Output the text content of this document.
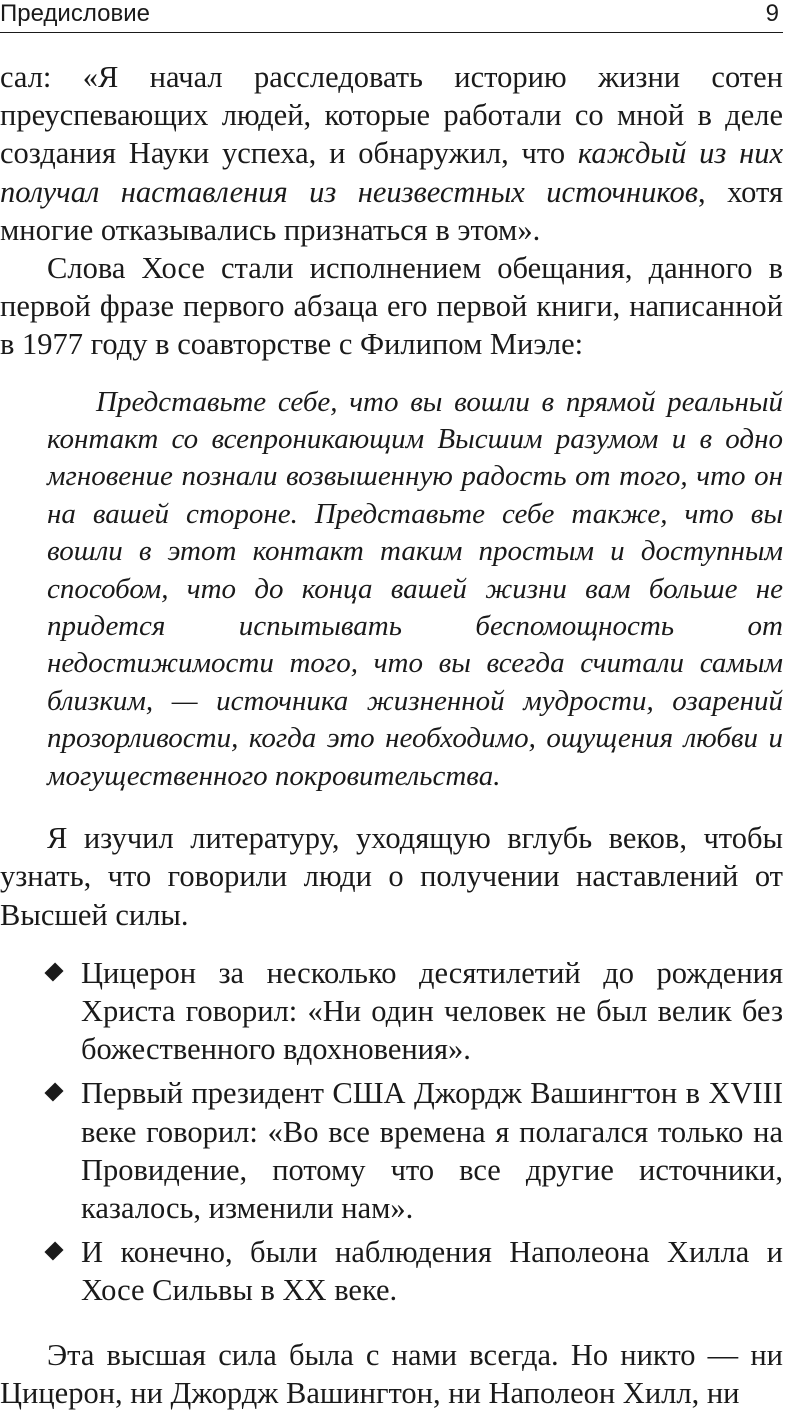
Предисловие	9

сал: «Я начал расследовать историю жизни сотен преуспевающих людей, которые работали со мной в деле создания Науки успеха, и обнаружил, что каждый из них получал наставления из неизвестных источников, хотя многие отказывались признаться в этом».

Слова Хосе стали исполнением обещания, данного в первой фразе первого абзаца его первой книги, написанной в 1977 году в соавторстве с Филипом Миэле:

Представьте себе, что вы вошли в прямой реальный контакт со всепроникающим Высшим разумом и в одно мгновение познали возвышенную радость от того, что он на вашей стороне. Представьте себе также, что вы вошли в этот контакт таким простым и доступным способом, что до конца вашей жизни вам больше не придется испытывать беспомощность от недостижимости того, что вы всегда считали самым близким, — источника жизненной мудрости, озарений прозорливости, когда это необходимо, ощущения любви и могущественного покровительства.

Я изучил литературу, уходящую вглубь веков, чтобы узнать, что говорили люди о получении наставлений от Высшей силы.

Цицерон за несколько десятилетий до рождения Христа говорил: «Ни один человек не был велик без божественного вдохновения».
Первый президент США Джордж Вашингтон в XVIII веке говорил: «Во все времена я полагался только на Провидение, потому что все другие источники, казалось, изменили нам».
И конечно, были наблюдения Наполеона Хилла и Хосе Сильвы в XX веке.

Эта высшая сила была с нами всегда. Но никто — ни Цицерон, ни Джордж Вашингтон, ни Наполеон Хилл, ни
